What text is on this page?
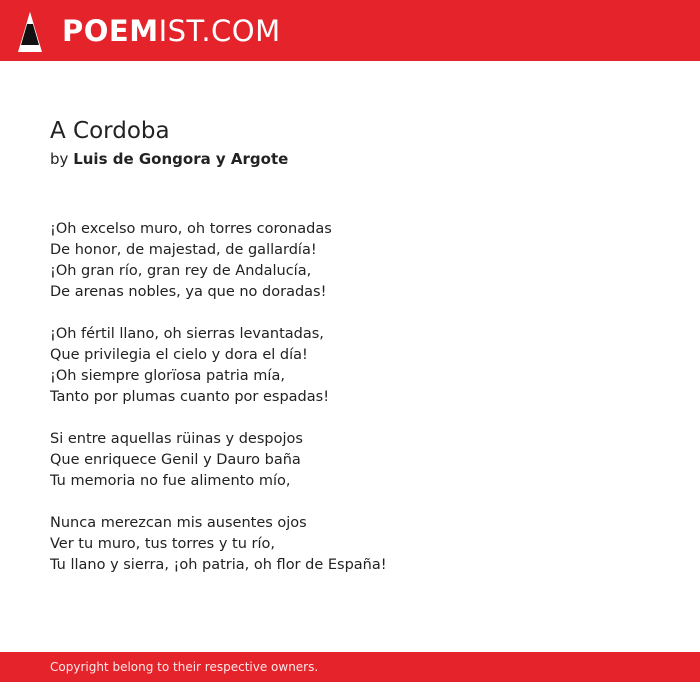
POEMIST.COM
A Cordoba
by Luis de Gongora y Argote
¡Oh excelso muro, oh torres coronadas
De honor, de majestad, de gallardía!
¡Oh gran río, gran rey de Andalucía,
De arenas nobles, ya que no doradas!
¡Oh fértil llano, oh sierras levantadas,
Que privilegia el cielo y dora el día!
¡Oh siempre glorïosa patria mía,
Tanto por plumas cuanto por espadas!
Si entre aquellas rüinas y despojos
Que enriquece Genil y Dauro baña
Tu memoria no fue alimento mío,
Nunca merezcan mis ausentes ojos
Ver tu muro, tus torres y tu río,
Tu llano y sierra, ¡oh patria, oh flor de España!
Copyright belong to their respective owners.
